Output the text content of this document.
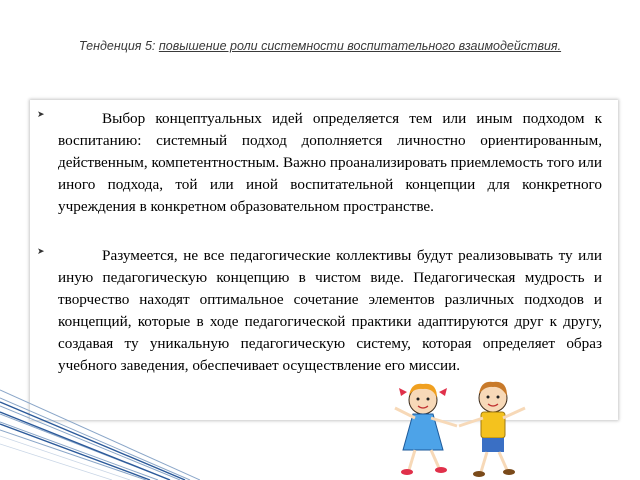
Тенденция 5: повышение роли системности воспитательного взаимодействия.
➤	Выбор концептуальных идей определяется тем или иным подходом к воспитанию: системный подход дополняется личностно ориентированным, действенным, компетентностным. Важно проанализировать приемлемость того или иного подхода, той или иной воспитательной концепции для конкретного учреждения в конкретном образовательном пространстве.

➤	Разумеется, не все педагогические коллективы будут реализовывать ту или иную педагогическую концепцию в чистом виде. Педагогическая мудрость и творчество находят оптимальное сочетание элементов различных подходов и концепций, которые в ходе педагогической практики адаптируются друг к другу, создавая ту уникальную педагогическую систему, которая определяет образ учебного заведения, обеспечивает осуществление его миссии.
